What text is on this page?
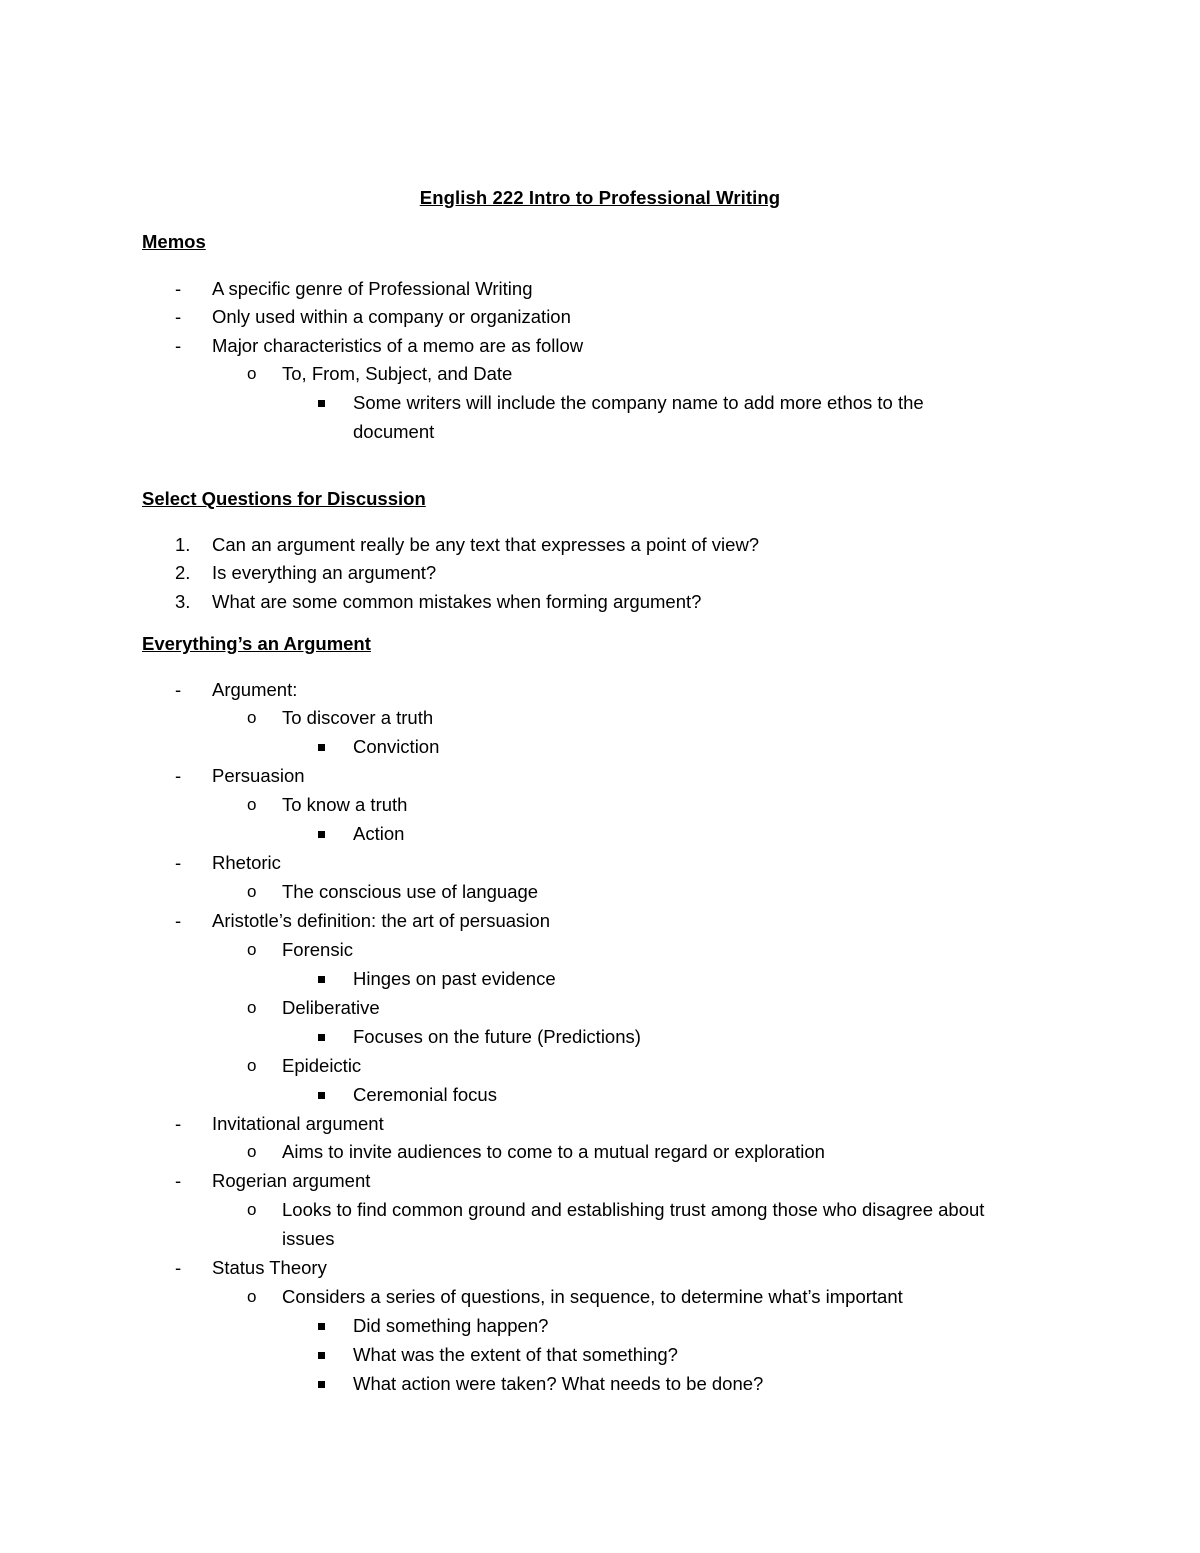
English 222 Intro to Professional Writing
Memos
- A specific genre of Professional Writing
- Only used within a company or organization
- Major characteristics of a memo are as follow
o To, From, Subject, and Date
Some writers will include the company name to add more ethos to the
document
Select Questions for Discussion
1. Can an argument really be any text that expresses a point of view?
2. Is everything an argument?
3. What are some common mistakes when forming argument?
Everything’s an Argument
- Argument:
o To discover a truth
Conviction
- Persuasion
o To know a truth
Action
- Rhetoric
o The conscious use of language
- Aristotle’s definition: the art of persuasion
o Forensic
Hinges on past evidence
o Deliberative
Focuses on the future (Predictions)
o Epideictic
Ceremonial focus
- Invitational argument
o Aims to invite audiences to come to a mutual regard or exploration
- Rogerian argument
o Looks to find common ground and establishing trust among those who disagree about
issues
- Status Theory
o Considers a series of questions, in sequence, to determine what’s important
Did something happen?
What was the extent of that something?
What action were taken? What needs to be done?
